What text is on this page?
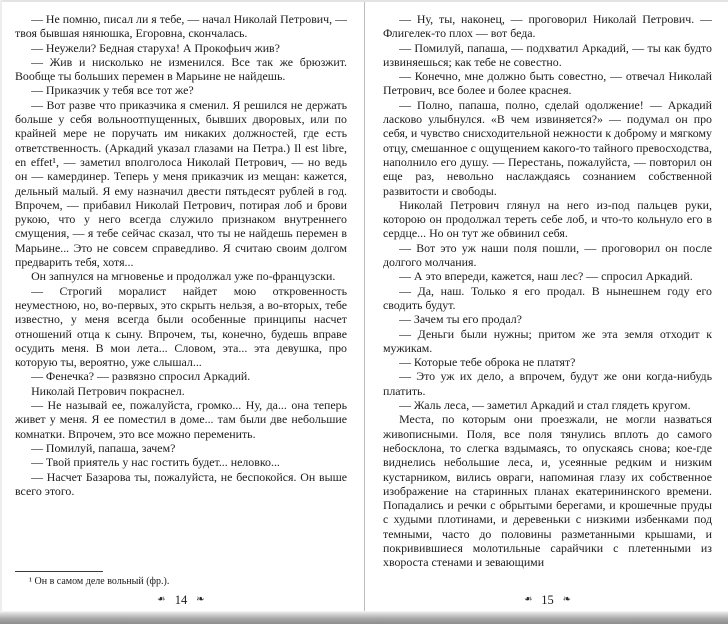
— Не помню, писал ли я тебе, — начал Николай Петрович, — твоя бывшая нянюшка, Егоровна, скончалась.

— Неужели? Бедная старуха! А Прокофьич жив?

— Жив и нисколько не изменился. Все так же брюзжит. Вообще ты больших перемен в Марьине не найдешь.

— Приказчик у тебя все тот же?

— Вот разве что приказчика я сменил. Я решился не держать больше у себя вольноотпущенных, бывших дворовых, или по крайней мере не поручать им никаких должностей, где есть ответственность. (Аркадий указал глазами на Петра.) Il est libre, en effet¹, — заметил вполголоса Николай Петрович, — но ведь он — камердинер. Теперь у меня приказчик из мещан: кажется, дельный малый. Я ему назначил двести пятьдесят рублей в год. Впрочем, — прибавил Николай Петрович, потирая лоб и брови рукою, что у него всегда служило признаком внутреннего смущения, — я тебе сейчас сказал, что ты не найдешь перемен в Марьине... Это не совсем справедливо. Я считаю своим долгом предварить тебя, хотя...

Он запнулся на мгновенье и продолжал уже по-французски.

— Строгий моралист найдет мою откровенность неуместною, но, во-первых, это скрыть нельзя, а во-вторых, тебе известно, у меня всегда были особенные принципы насчет отношений отца к сыну. Впрочем, ты, конечно, будешь вправе осудить меня. В мои лета... Словом, эта... эта девушка, про которую ты, вероятно, уже слышал...

— Фенечка? — развязно спросил Аркадий.

Николай Петрович покраснел.

— Не называй ее, пожалуйста, громко... Ну, да... она теперь живет у меня. Я ее поместил в доме... там были две небольшие комнатки. Впрочем, это все можно переменить.

— Помилуй, папаша, зачем?

— Твой приятель у нас гостить будет... неловко...

— Насчет Базарова ты, пожалуйста, не беспокойся. Он выше всего этого.

¹ Он в самом деле вольный (фр.).

❧ 14 ❧

— Ну, ты, наконец, — проговорил Николай Петрович. — Флигелек-то плох — вот беда.

— Помилуй, папаша, — подхватил Аркадий, — ты как будто извиняешься; как тебе не совестно.

— Конечно, мне должно быть совестно, — отвечал Николай Петрович, все более и более краснея.

— Полно, папаша, полно, сделай одолжение! — Аркадий ласково улыбнулся. «В чем извиняется?» — подумал он про себя, и чувство снисходительной нежности к доброму и мягкому отцу, смешанное с ощущением какого-то тайного превосходства, наполнило его душу. — Перестань, пожалуйста, — повторил он еще раз, невольно наслаждаясь сознанием собственной развитости и свободы.

Николай Петрович глянул на него из-под пальцев руки, которою он продолжал тереть себе лоб, и что-то кольнуло его в сердце... Но он тут же обвинил себя.

— Вот это уж наши поля пошли, — проговорил он после долгого молчания.

— А это впереди, кажется, наш лес? — спросил Аркадий.

— Да, наш. Только я его продал. В нынешнем году его сводить будут.

— Зачем ты его продал?

— Деньги были нужны; притом же эта земля отходит к мужикам.

— Которые тебе оброка не платят?

— Это уж их дело, а впрочем, будут же они когда-нибудь платить.

— Жаль леса, — заметил Аркадий и стал глядеть кругом.

Места, по которым они проезжали, не могли назваться живописными. Поля, все поля тянулись вплоть до самого небосклона, то слегка вздымаясь, то опускаясь снова; кое-где виднелись небольшие леса, и, усеянные редким и низким кустарником, вились овраги, напоминая глазу их собственное изображение на старинных планах екатерининского времени. Попадались и речки с обрытыми берегами, и крошечные пруды с худыми плотинами, и деревеньки с низкими избенками под темными, часто до половины разметанными крышами, и покривившиеся молотильные сарайчики с плетенными из хвороста стенами и зевающими

❧ 15 ❧
